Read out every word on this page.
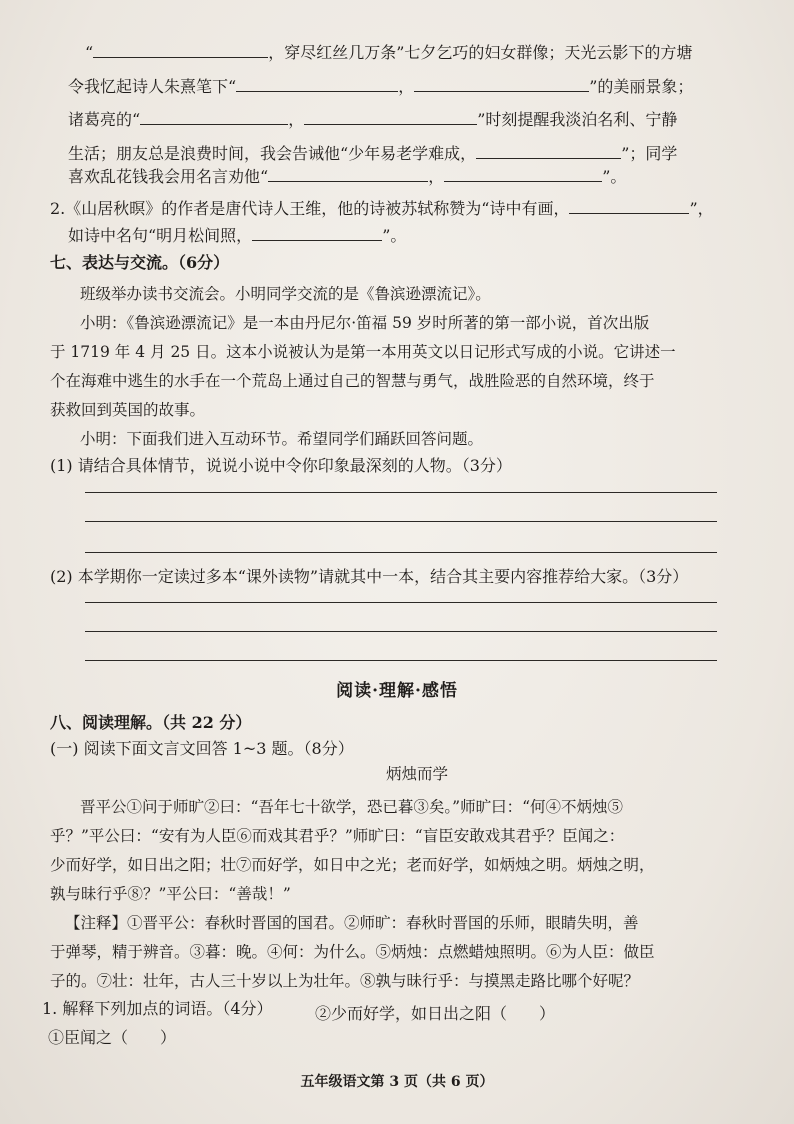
“	，穿尽红丝几万条”七夕乞巧的妇女群像；天光云影下的方塘
令我忆起诗人朱熹笔下“	，	”的美丽景象；
诸葛亮的“	，	”时刻提醒我淡泊名利、宁静
生活；朋友总是浪费时间，我会告诫他“少年易老学难成，	”；同学
喜欢乱花钱我会用名言劝他“	，	”。
2.《山居秋暝》的作者是唐代诗人王维，他的诗被苏轼称赞为“诗中有画，	”，
如诗中名句“明月松间照，	”。
七、表达与交流。（6分）
班级举办读书交流会。小明同学交流的是《鲁滨逊漂流记》。
小明：《鲁滨逊漂流记》是一本由丹尼尔·笛福 59 岁时所著的第一部小说，首次出版
于 1719 年 4 月 25 日。这本小说被认为是第一本用英文以日记形式写成的小说。它讲述一
个在海难中逃生的水手在一个荒岛上通过自己的智慧与勇气，战胜险恶的自然环境，终于
获救回到英国的故事。
小明：下面我们进入互动环节。希望同学们踊跃回答问题。
(1) 请结合具体情节，说说小说中令你印象最深刻的人物。（3分）
(2) 本学期你一定读过多本“课外读物”请就其中一本，结合其主要内容推荐给大家。（3分）
阅读·理解·感悟
八、阅读理解。（共 22 分）
(一) 阅读下面文言文回答 1~3 题。（8分）
炳烛而学
晋平公①问于师旷②曰：“吾年七十欲学，恐已暮③矣。”师旷曰：“何④不炳烛⑤
乎？”平公曰：“安有为人臣⑥而戏其君乎？”师旷曰：“盲臣安敢戏其君乎？臣闻之：
少而好学，如日出之阳；壮⑦而好学，如日中之光；老而好学，如炳烛之明。炳烛之明，
孰与昧行乎⑧？”平公曰：“善哉！”
【注释】①晋平公：春秋时晋国的国君。②师旷：春秋时晋国的乐师，眼睛失明，善
于弹琴，精于辨音。③暮：晚。④何：为什么。⑤炳烛：点燃蜡烛照明。⑥为人臣：做臣
子的。⑦壮：壮年，古人三十岁以上为壮年。⑧孰与昧行乎：与摸黑走路比哪个好呢？
1. 解释下列加点的词语。（4分）	②少而好学，如日出之阳（　　）
①臣闻之（　　）
五年级语文第 3 页（共 6 页）
